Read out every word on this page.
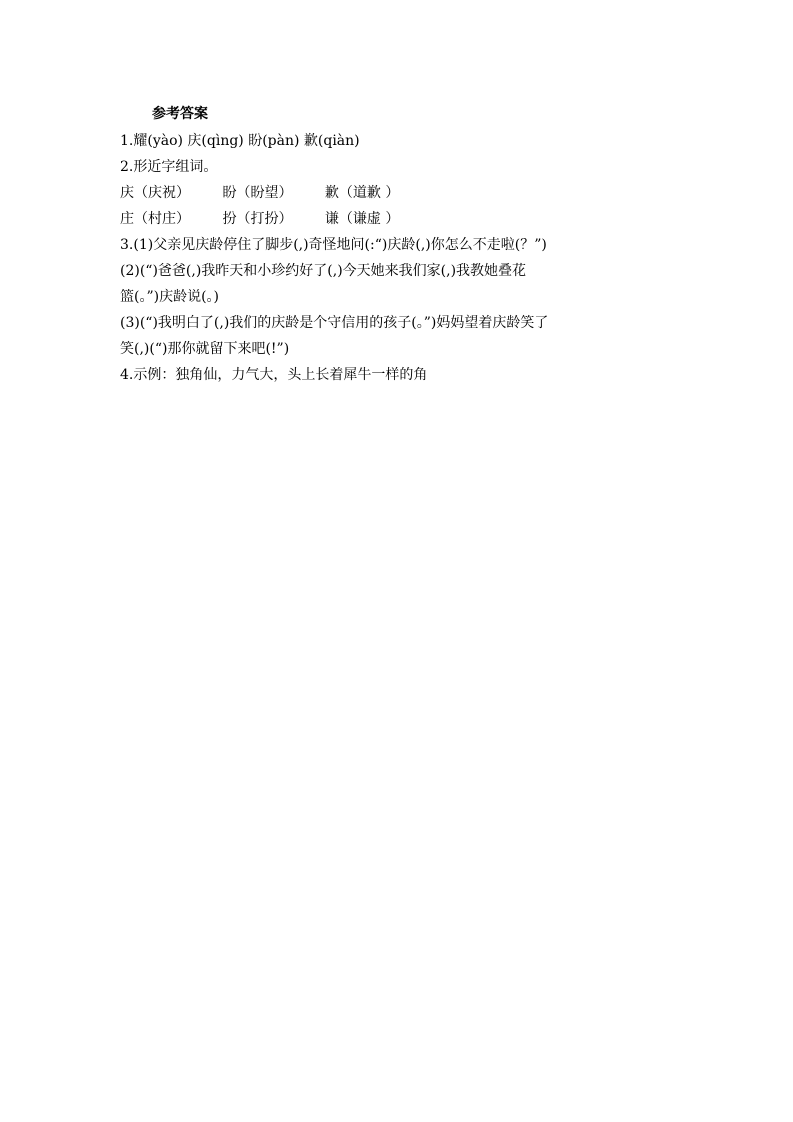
参考答案
1.耀(yào) 庆(qìng) 盼(pàn) 歉(qiàn)
2.形近字组词。
庆（庆祝） 盼（盼望） 歉（道歉 ）
庄（村庄） 扮（打扮） 谦（谦虚 ）
3.(1)父亲见庆龄停住了脚步(,)奇怪地问(:“)庆龄(,)你怎么不走啦(？”)
(2)(“)爸爸(,)我昨天和小珍约好了(,)今天她来我们家(,)我教她叠花
篮(。”)庆龄说(。)
(3)(“)我明白了(,)我们的庆龄是个守信用的孩子(。”)妈妈望着庆龄笑了
笑(,)(“)那你就留下来吧(!”)
4.示例：独角仙，力气大，头上长着犀牛一样的角
